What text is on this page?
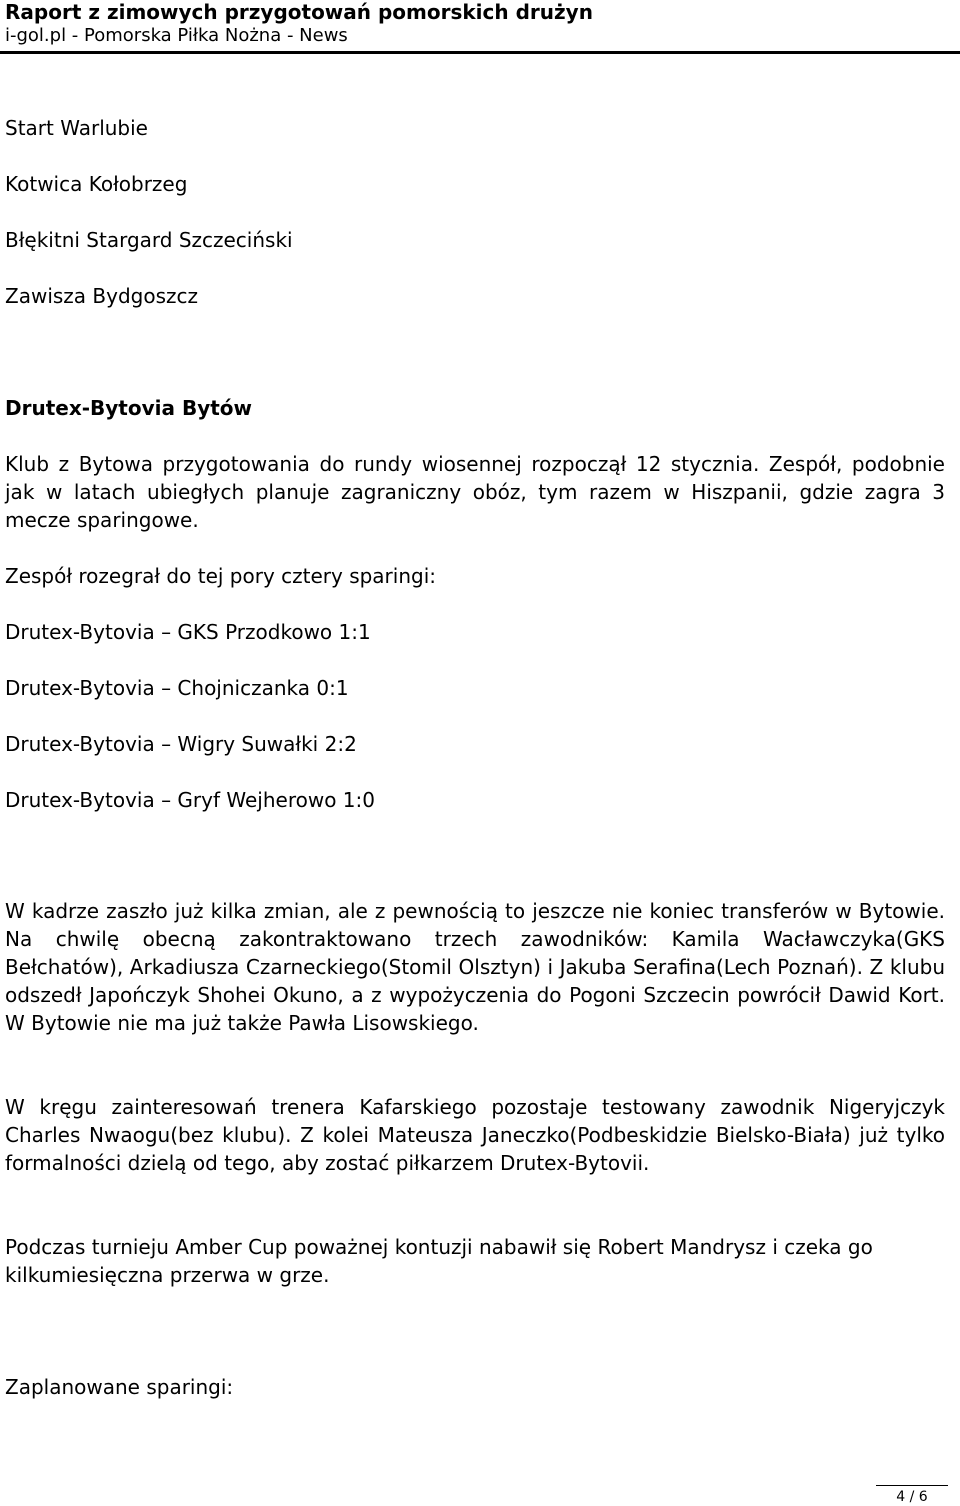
Raport z zimowych przygotowań pomorskich drużyn

i-gol.pl - Pomorska Piłka Nożna - News

Start Warlubie

Kotwica Kołobrzeg

Błękitni Stargard Szczeciński

Zawisza Bydgoszcz

Drutex-Bytovia Bytów

Klub z Bytowa przygotowania do rundy wiosennej rozpoczął 12 stycznia. Zespół, podobnie jak w latach ubiegłych planuje zagraniczny obóz, tym razem w Hiszpanii, gdzie zagra 3 mecze sparingowe.

Zespół rozegrał do tej pory cztery sparingi:

Drutex-Bytovia – GKS Przodkowo 1:1

Drutex-Bytovia – Chojniczanka 0:1

Drutex-Bytovia – Wigry Suwałki 2:2

Drutex-Bytovia – Gryf Wejherowo 1:0

W kadrze zaszło już kilka zmian, ale z pewnością to jeszcze nie koniec transferów w Bytowie. Na chwilę obecną zakontraktowano trzech zawodników: Kamila Wacławczyka(GKS Bełchatów), Arkadiusza Czarneckiego(Stomil Olsztyn) i Jakuba Serafina(Lech Poznań). Z klubu odszedł Japończyk Shohei Okuno, a z wypożyczenia do Pogoni Szczecin powrócił Dawid Kort. W Bytowie nie ma już także Pawła Lisowskiego.

W kręgu zainteresowań trenera Kafarskiego pozostaje testowany zawodnik Nigeryjczyk Charles Nwaogu(bez klubu). Z kolei Mateusza Janeczko(Podbeskidzie Bielsko-Biała) już tylko formalności dzielą od tego, aby zostać piłkarzem Drutex-Bytovii.

Podczas turnieju Amber Cup poważnej kontuzji nabawił się Robert Mandrysz i czeka go kilkumiesięczna przerwa w grze.

Zaplanowane sparingi:

4 / 6
